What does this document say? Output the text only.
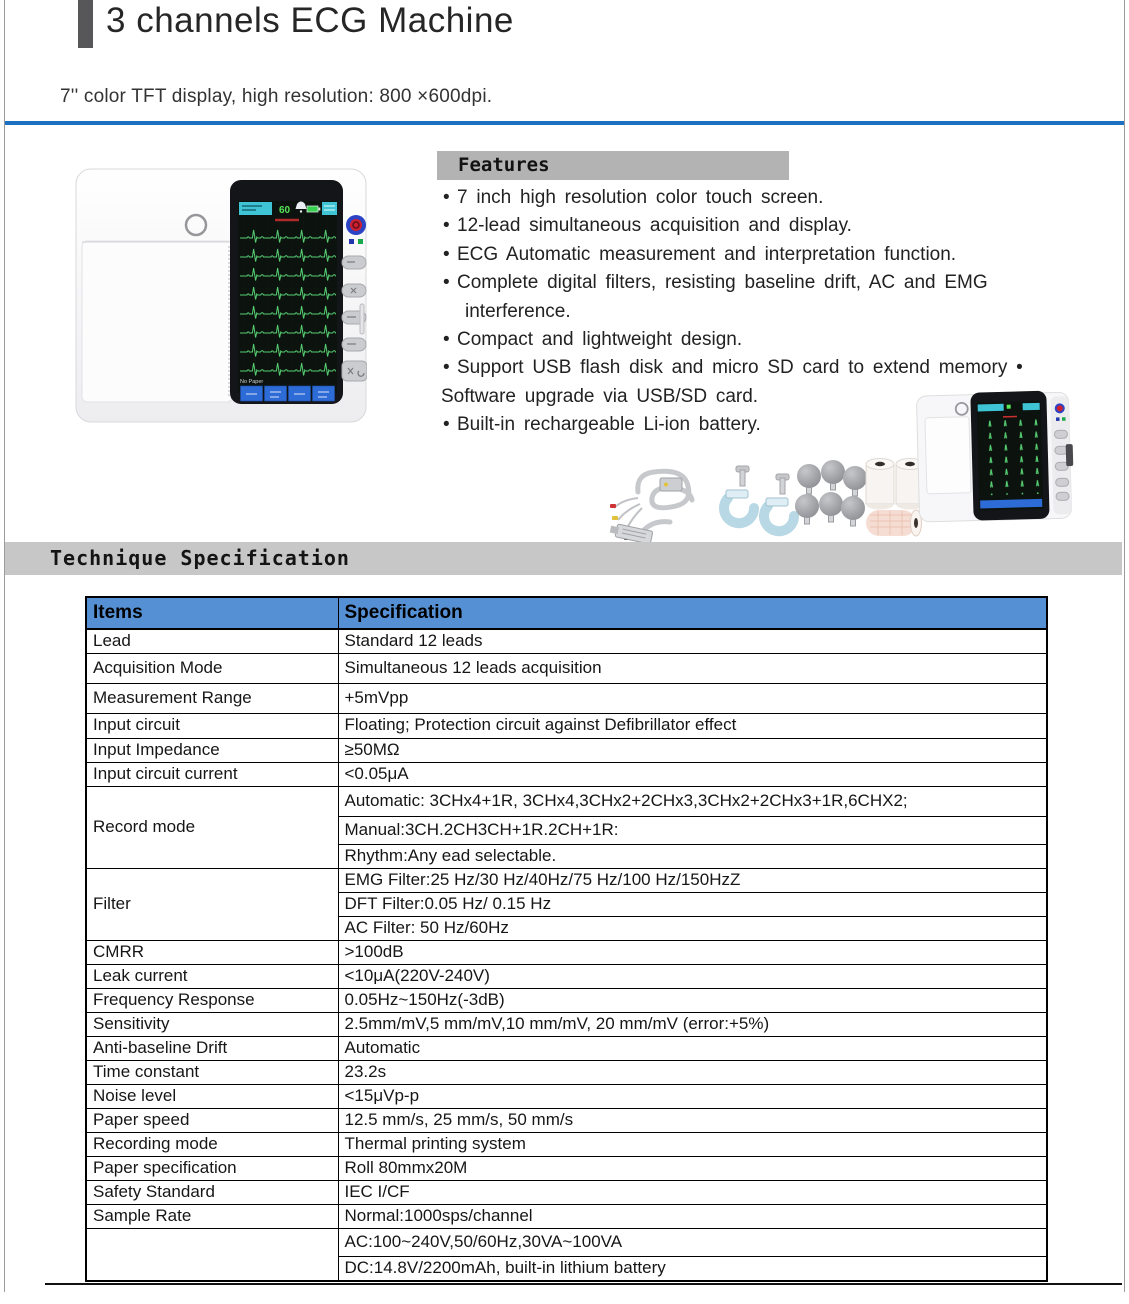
3 channels ECG Machine
7'' color TFT display, high resolution: 800 ×600dpi.
60
No Paper
Features
• 7 inch high resolution color touch screen.
• 12-lead simultaneous acquisition and display.
• ECG Automatic measurement and interpretation function.
• Complete digital filters, resisting baseline drift, AC and EMG
interference.
• Compact and lightweight design.
• Support USB flash disk and micro SD card to extend memory •
Software upgrade via USB/SD card.
• Built-in rechargeable Li-ion battery.
Technique Specification
Items	Specification
Lead	Standard 12 leads
Acquisition Mode	Simultaneous 12 leads acquisition
Measurement Range	+5mVpp
Input circuit	Floating; Protection circuit against Defibrillator effect
Input Impedance	≥50MΩ
Input circuit current	<0.05μA
Record mode	Automatic: 3CHx4+1R, 3CHx4,3CHx2+2CHx3,3CHx2+2CHx3+1R,6CHX2;
	Manual:3CH.2CH3CH+1R.2CH+1R:
	Rhythm:Any ead selectable.
Filter	EMG Filter:25 Hz/30 Hz/40Hz/75 Hz/100 Hz/150HzZ
	DFT Filter:0.05 Hz/ 0.15 Hz
	AC Filter: 50 Hz/60Hz
CMRR	>100dB
Leak current	<10μA(220V-240V)
Frequency Response	0.05Hz~150Hz(-3dB)
Sensitivity	2.5mm/mV,5 mm/mV,10 mm/mV, 20 mm/mV (error:+5%)
Anti-baseline Drift	Automatic
Time constant	23.2s
Noise level	<15μVp-p
Paper speed	12.5 mm/s, 25 mm/s, 50 mm/s
Recording mode	Thermal printing system
Paper specification	Roll 80mmx20M
Safety Standard	IEC I/CF
Sample Rate	Normal:1000sps/channel
	AC:100~240V,50/60Hz,30VA~100VA
	DC:14.8V/2200mAh, built-in lithium battery
